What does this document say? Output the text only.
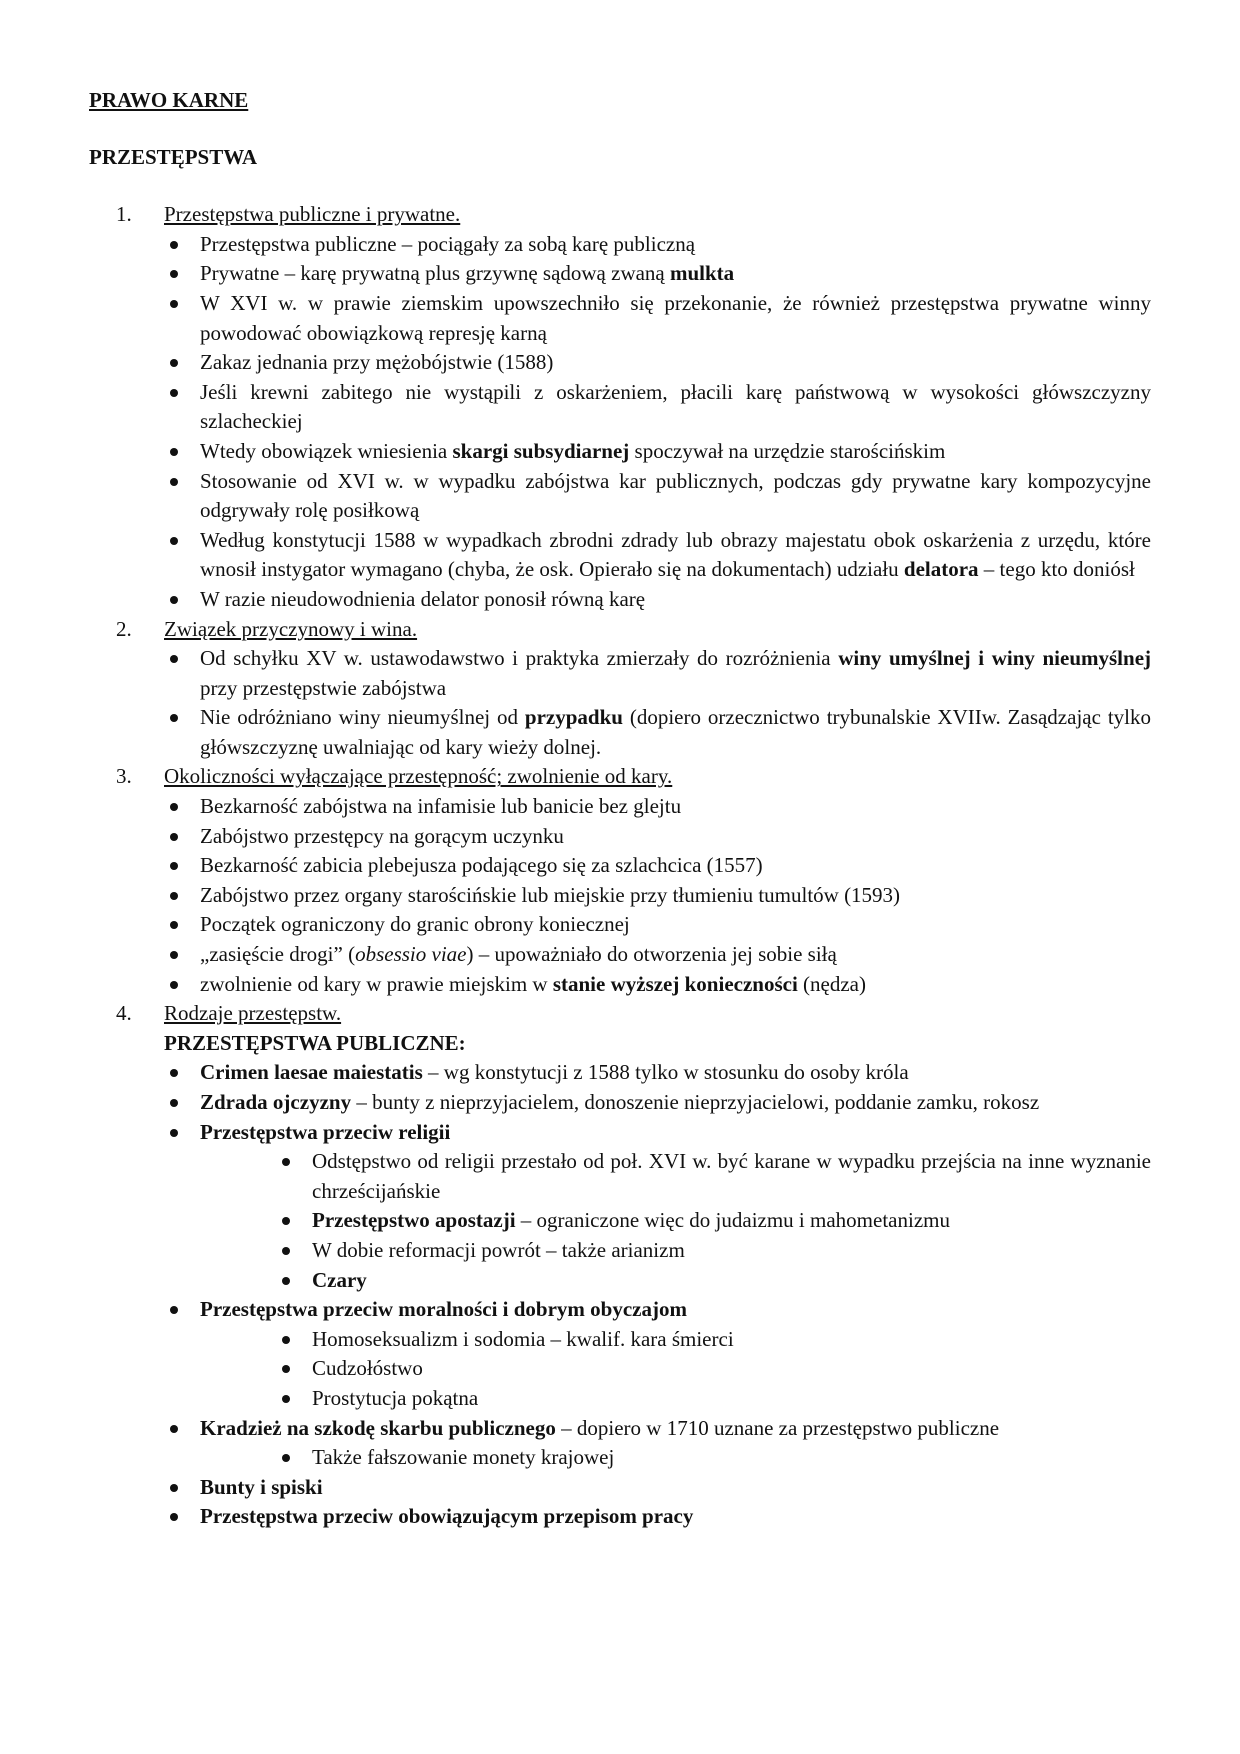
PRAWO KARNE

PRZESTĘPSTWA

1. Przestępstwa publiczne i prywatne.
Przestępstwa publiczne – pociągały za sobą karę publiczną
Prywatne – karę prywatną plus grzywnę sądową zwaną mulkta
W XVI w. w prawie ziemskim upowszechniło się przekonanie, że również przestępstwa prywatne winny powodować obowiązkową represję karną
Zakaz jednania przy mężobójstwie (1588)
Jeśli krewni zabitego nie wystąpili z oskarżeniem, płacili karę państwową w wysokości główszczyzny szlacheckiej
Wtedy obowiązek wniesienia skargi subsydiarnej spoczywał na urzędzie starościńskim
Stosowanie od XVI w. w wypadku zabójstwa kar publicznych, podczas gdy prywatne kary kompozycyjne odgrywały rolę posiłkową
Według konstytucji 1588 w wypadkach zbrodni zdrady lub obrazy majestatu obok oskarżenia z urzędu, które wnosił instygator wymagano (chyba, że osk. Opierało się na dokumentach) udziału delatora – tego kto doniósł
W razie nieudowodnienia delator ponosił równą karę
2. Związek przyczynowy i wina.
Od schyłku XV w. ustawodawstwo i praktyka zmierzały do rozróżnienia winy umyślnej i winy nieumyślnej przy przestępstwie zabójstwa
Nie odróżniano winy nieumyślnej od przypadku (dopiero orzecznictwo trybunalskie XVIIw. Zasądzając tylko główszczyznę uwalniając od kary wieży dolnej.
3. Okoliczności wyłączające przestępność; zwolnienie od kary.
Bezkarność zabójstwa na infamisie lub banicie bez glejtu
Zabójstwo przestępcy na gorącym uczynku
Bezkarność zabicia plebejusza podającego się za szlachcica (1557)
Zabójstwo przez organy starościńskie lub miejskie przy tłumieniu tumultów (1593)
Początek ograniczony do granic obrony koniecznej
„zasięście drogi” (obsessio viae) – upoważniało do otworzenia jej sobie siłą
zwolnienie od kary w prawie miejskim w stanie wyższej konieczności (nędza)
4. Rodzaje przestępstw.
PRZESTĘPSTWA PUBLICZNE:
Crimen laesae maiestatis – wg konstytucji z 1588 tylko w stosunku do osoby króla
Zdrada ojczyzny – bunty z nieprzyjacielem, donoszenie nieprzyjacielowi, poddanie zamku, rokosz
Przestępstwa przeciw religii
Odstępstwo od religii przestało od poł. XVI w. być karane w wypadku przejścia na inne wyznanie chrześcijańskie
Przestępstwo apostazji – ograniczone więc do judaizmu i mahometanizmu
W dobie reformacji powrót – także arianizm
Czary
Przestępstwa przeciw moralności i dobrym obyczajom
Homoseksualizm i sodomia – kwalif. kara śmierci
Cudzołóstwo
Prostytucja pokątna
Kradzież na szkodę skarbu publicznego – dopiero w 1710 uznane za przestępstwo publiczne
Także fałszowanie monety krajowej
Bunty i spiski
Przestępstwa przeciw obowiązującym przepisom pracy
